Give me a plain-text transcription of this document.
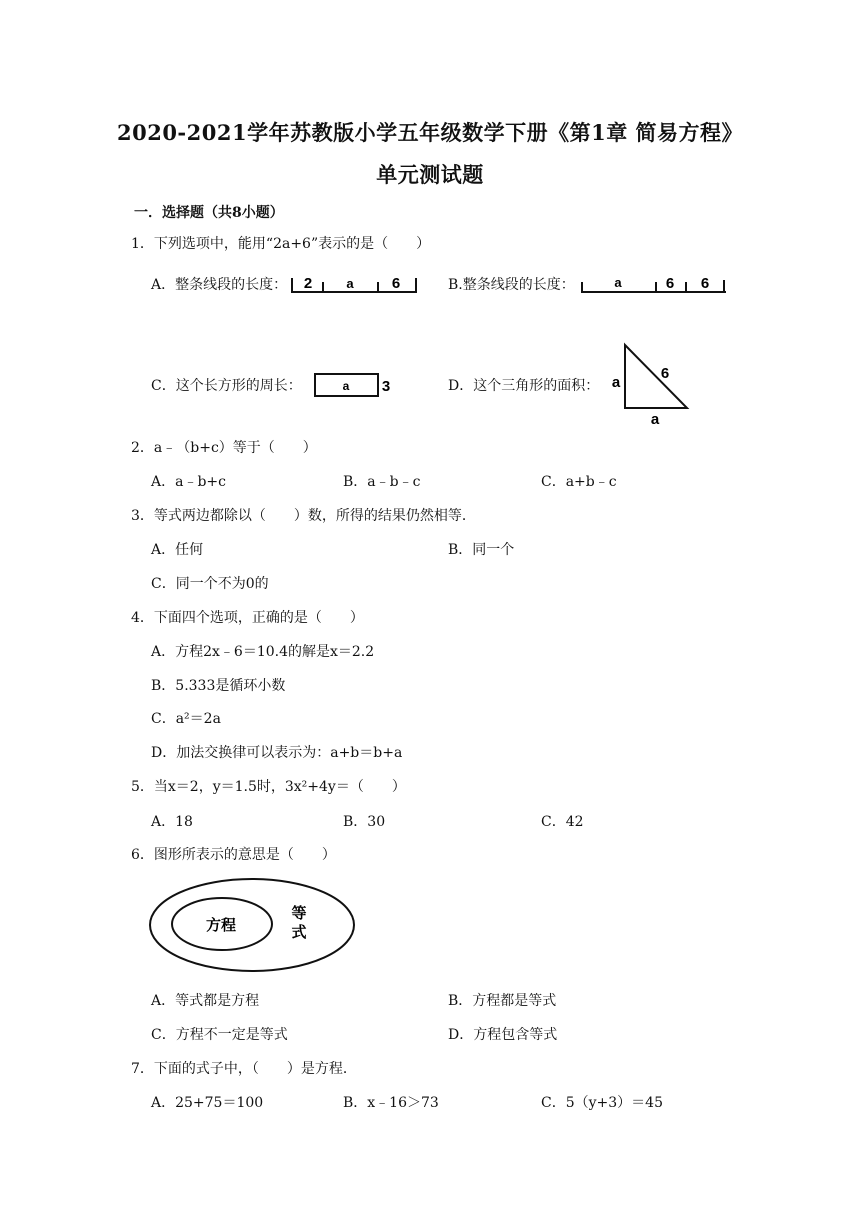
2020-2021学年苏教版小学五年级数学下册《第1章 简易方程》
单元测试题
一．选择题（共8小题）
1．下列选项中，能用“2a+6”表示的是（　　）
A．整条线段的长度： 2	a	6	B.整条线段的长度：	a	6 6
C．这个长方形的周长：	a 3	D．这个三角形的面积： a
6
a
2．a﹣（b+c）等于（　　）
A．a﹣b+c	B．a﹣b﹣c	C．a+b﹣c
3．等式两边都除以（　　）数，所得的结果仍然相等．
A．任何	B．同一个
C．同一个不为0的
4．下面四个选项，正确的是（　　）
A．方程2x﹣6＝10.4的解是x＝2.2
B．5.333是循环小数
C．a²＝2a
D．加法交换律可以表示为：a+b＝b+a
5．当x＝2，y＝1.5时，3x²+4y＝（　　）
A．18	B．30	C．42
6．图形所表示的意思是（　　）
方程
等
式
A．等式都是方程	B．方程都是等式
C．方程不一定是等式	D．方程包含等式
7．下面的式子中，（　　）是方程．
A．25+75＝100	B．x﹣16＞73	C．5（y+3）＝45
